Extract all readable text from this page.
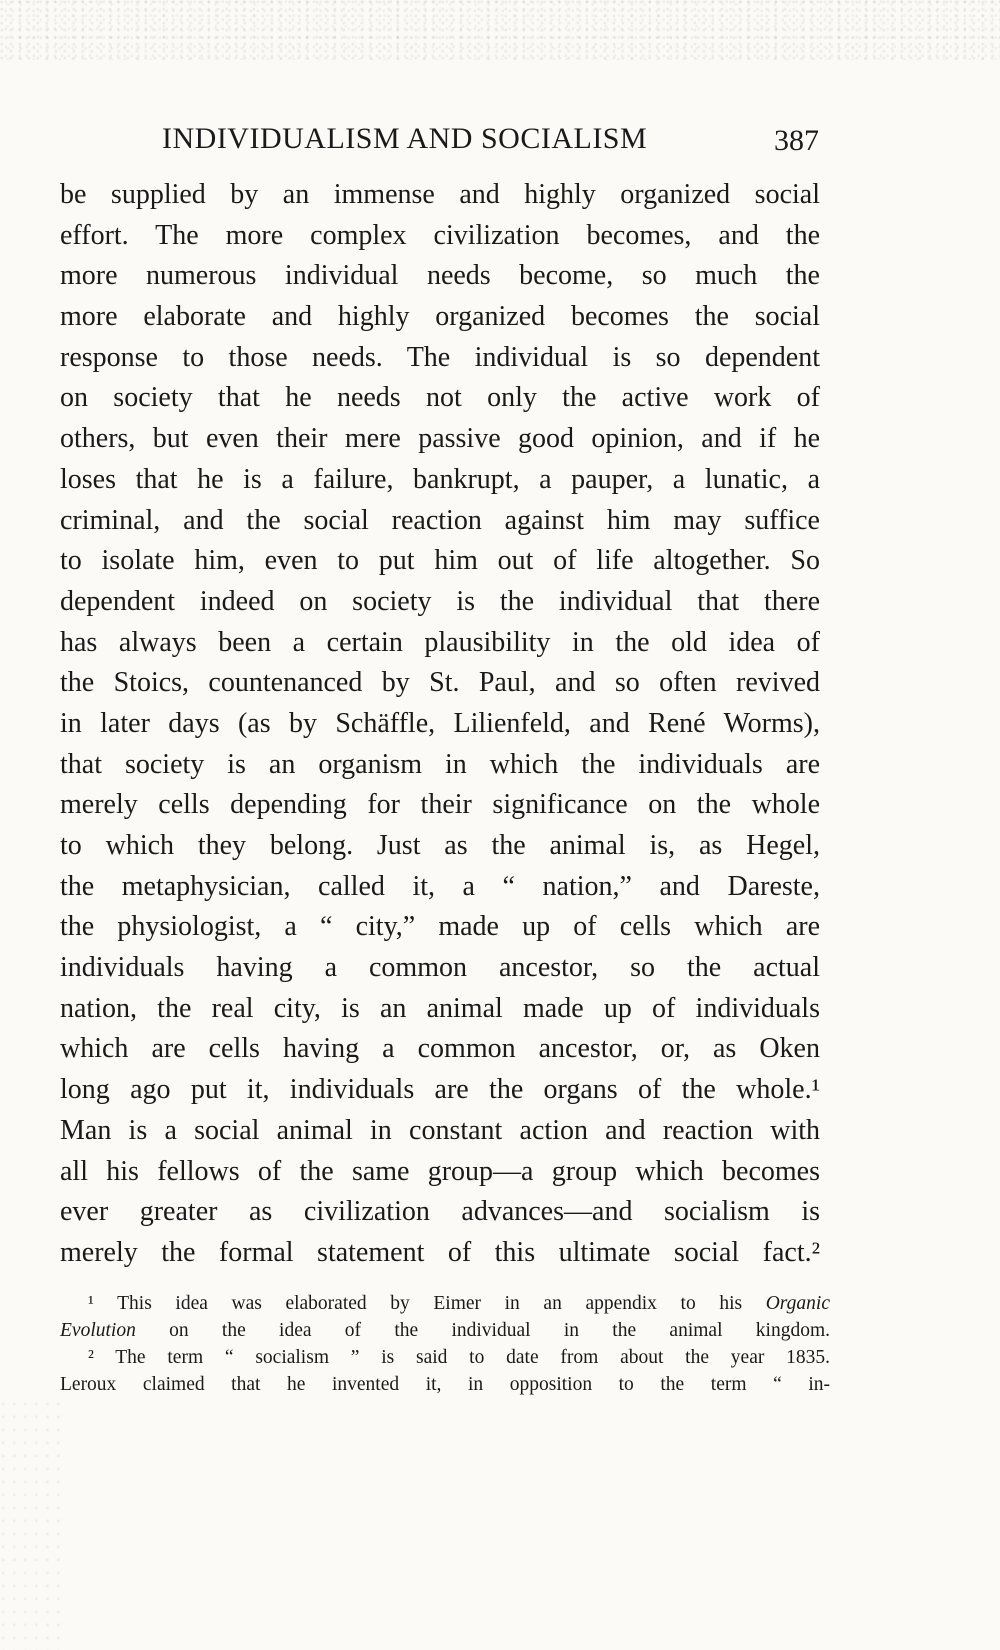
INDIVIDUALISM AND SOCIALISM	387
be supplied by an immense and highly organized social
effort. The more complex civilization becomes, and the
more numerous individual needs become, so much the
more elaborate and highly organized becomes the social
response to those needs. The individual is so dependent
on society that he needs not only the active work of
others, but even their mere passive good opinion, and if he
loses that he is a failure, bankrupt, a pauper, a lunatic, a
criminal, and the social reaction against him may suffice
to isolate him, even to put him out of life altogether. So
dependent indeed on society is the individual that there
has always been a certain plausibility in the old idea of
the Stoics, countenanced by St. Paul, and so often revived
in later days (as by Schäffle, Lilienfeld, and René Worms),
that society is an organism in which the individuals are
merely cells depending for their significance on the whole
to which they belong. Just as the animal is, as Hegel,
the metaphysician, called it, a “ nation,” and Dareste,
the physiologist, a “ city,” made up of cells which are
individuals having a common ancestor, so the actual
nation, the real city, is an animal made up of individuals
which are cells having a common ancestor, or, as Oken
long ago put it, individuals are the organs of the whole.¹
Man is a social animal in constant action and reaction with
all his fellows of the same group—a group which becomes
ever greater as civilization advances—and socialism is
merely the formal statement of this ultimate social fact.²
¹ This idea was elaborated by Eimer in an appendix to his Organic
Evolution on the idea of the individual in the animal kingdom.
² The term “ socialism ” is said to date from about the year 1835.
Leroux claimed that he invented it, in opposition to the term “ in-
